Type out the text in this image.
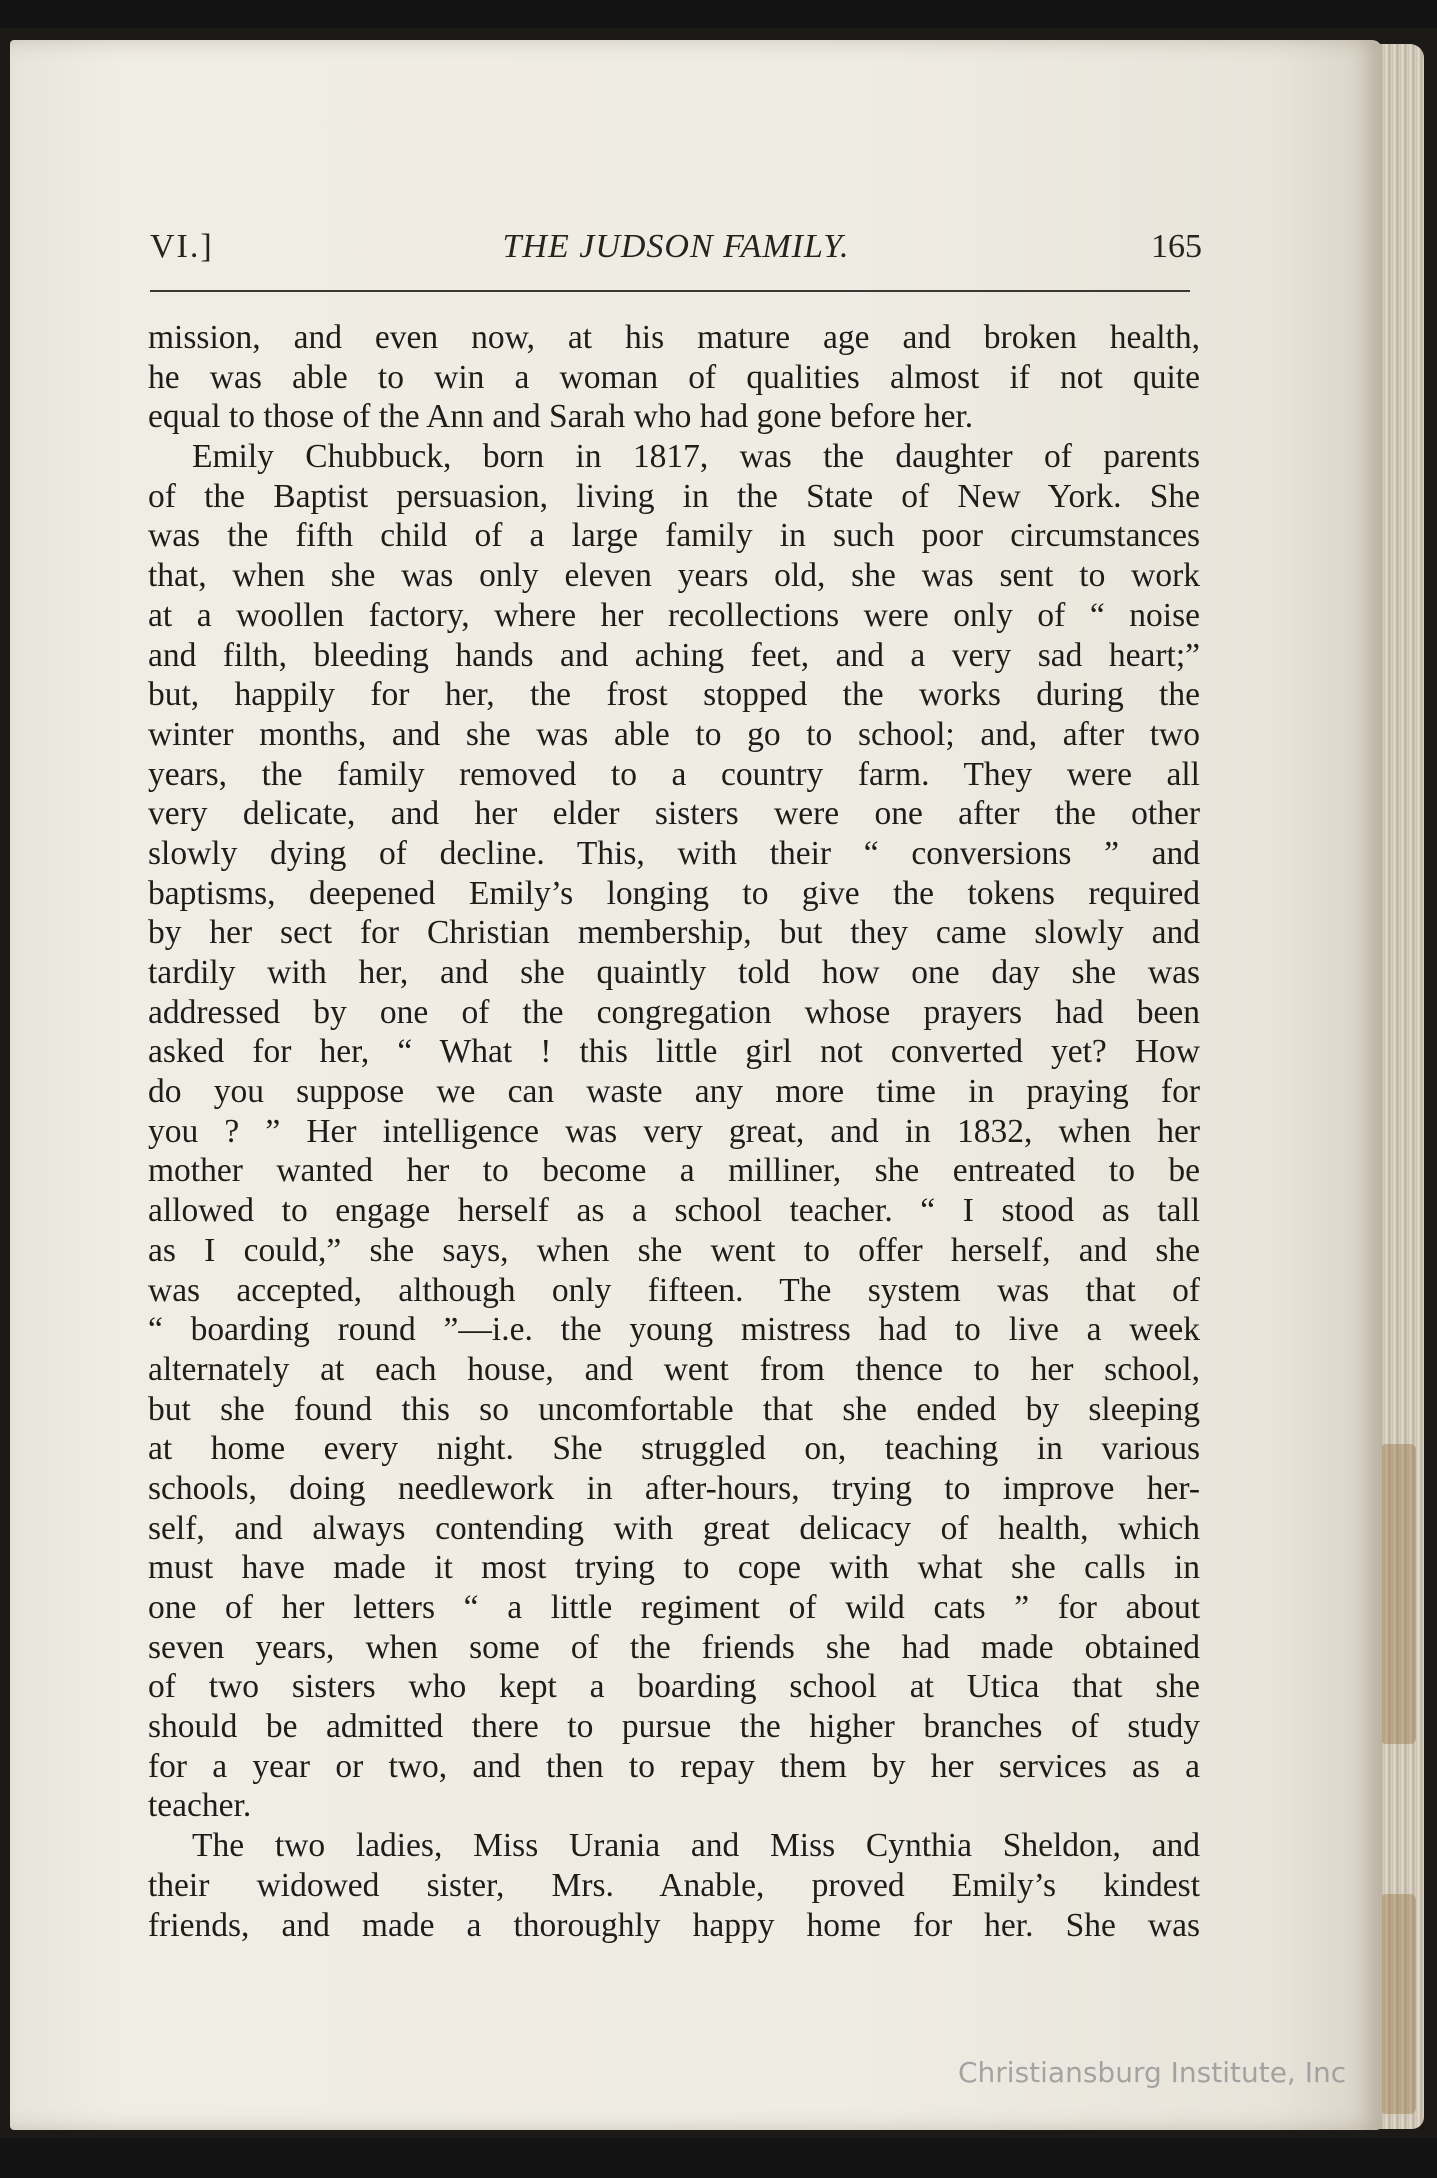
VI.]	THE JUDSON FAMILY.	165
mission, and even now, at his mature age and broken health,
he was able to win a woman of qualities almost if not quite
equal to those of the Ann and Sarah who had gone before her.
Emily Chubbuck, born in 1817, was the daughter of parents
of the Baptist persuasion, living in the State of New York. She
was the fifth child of a large family in such poor circumstances
that, when she was only eleven years old, she was sent to work
at a woollen factory, where her recollections were only of “ noise
and filth, bleeding hands and aching feet, and a very sad heart;”
but, happily for her, the frost stopped the works during the
winter months, and she was able to go to school; and, after two
years, the family removed to a country farm. They were all
very delicate, and her elder sisters were one after the other
slowly dying of decline. This, with their “ conversions ” and
baptisms, deepened Emily’s longing to give the tokens required
by her sect for Christian membership, but they came slowly and
tardily with her, and she quaintly told how one day she was
addressed by one of the congregation whose prayers had been
asked for her, “ What ! this little girl not converted yet? How
do you suppose we can waste any more time in praying for
you ? ” Her intelligence was very great, and in 1832, when her
mother wanted her to become a milliner, she entreated to be
allowed to engage herself as a school teacher. “ I stood as tall
as I could,” she says, when she went to offer herself, and she
was accepted, although only fifteen. The system was that of
“ boarding round ”—i.e. the young mistress had to live a week
alternately at each house, and went from thence to her school,
but she found this so uncomfortable that she ended by sleeping
at home every night. She struggled on, teaching in various
schools, doing needlework in after-hours, trying to improve her-
self, and always contending with great delicacy of health, which
must have made it most trying to cope with what she calls in
one of her letters “ a little regiment of wild cats ” for about
seven years, when some of the friends she had made obtained
of two sisters who kept a boarding school at Utica that she
should be admitted there to pursue the higher branches of study
for a year or two, and then to repay them by her services as a
teacher.
The two ladies, Miss Urania and Miss Cynthia Sheldon, and
their widowed sister, Mrs. Anable, proved Emily’s kindest
friends, and made a thoroughly happy home for her. She was
Christiansburg Institute, Inc
